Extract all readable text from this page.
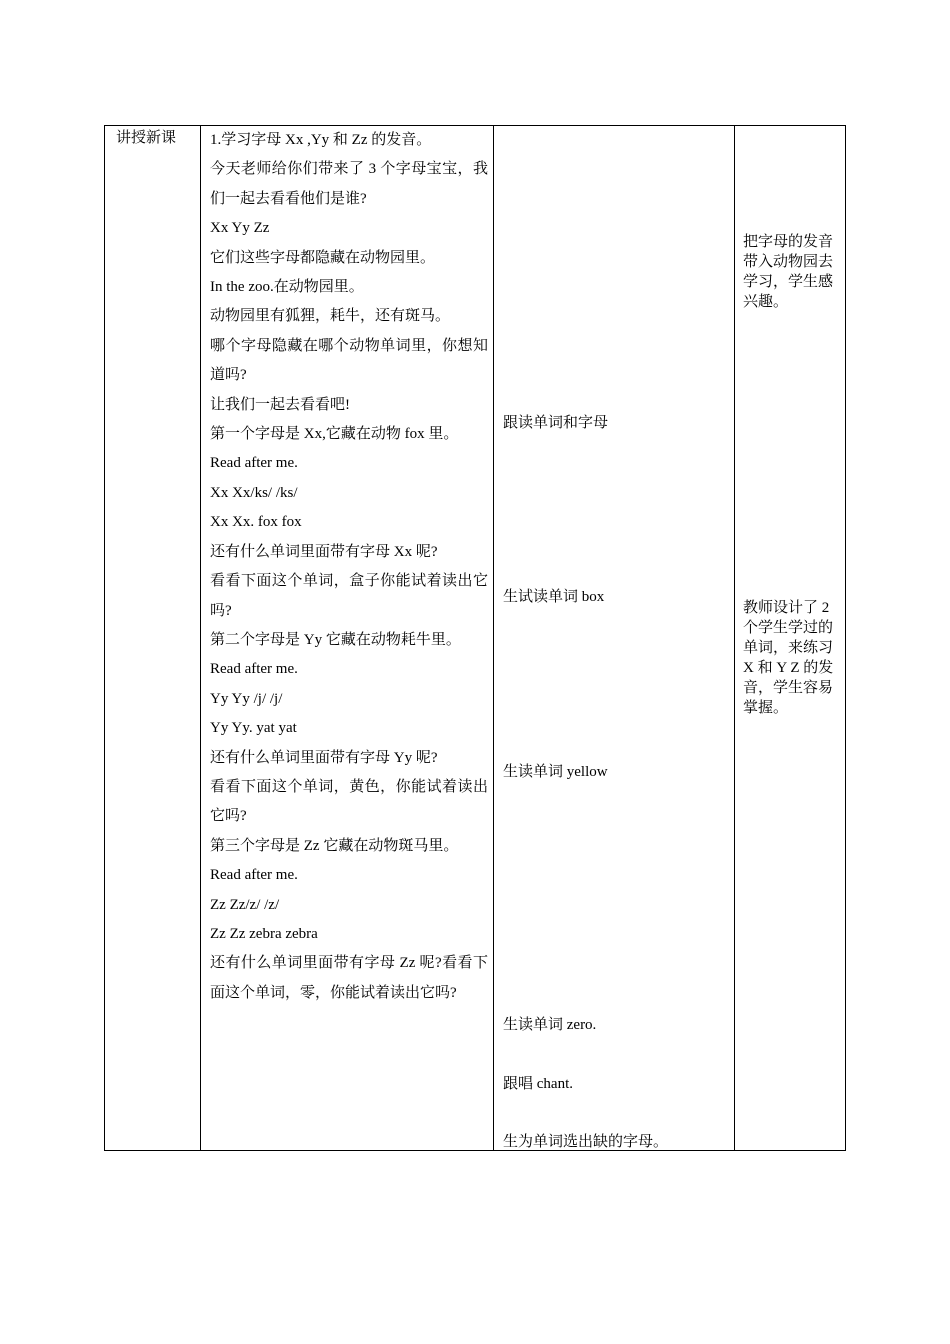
讲授新课 1.学习字母 Xx ,Yy 和 Zz 的发音。

今天老师给你们带来了 3 个字母宝宝，我们一起去看看他们是谁?

Xx Yy Zz

它们这些字母都隐藏在动物园里。

In the zoo.在动物园里。

动物园里有狐狸，耗牛，还有斑马。

哪个字母隐藏在哪个动物单词里，你想知道吗?

让我们一起去看看吧!

第一个字母是 Xx,它藏在动物 fox 里。

Read after me.

Xx Xx/ks/ /ks/

Xx Xx. fox fox

还有什么单词里面带有字母 Xx 呢?

看看下面这个单词，盒子你能试着读出它吗?

第二个字母是 Yy 它藏在动物耗牛里。

Read after me.

Yy Yy /j/ /j/

Yy Yy. yat yat

还有什么单词里面带有字母 Yy 呢?

看看下面这个单词，黄色，你能试着读出它吗?

第三个字母是 Zz 它藏在动物斑马里。

Read after me.

Zz Zz/z/ /z/

Zz Zz zebra zebra

还有什么单词里面带有字母 Zz 呢?看看下面这个单词，零，你能试着读出它吗?

跟读单词和字母
生试读单词 box
生读单词 yellow
生读单词 zero.
跟唱 chant.
生为单词选出缺的字母。
把字母的发音带入动物园去学习，学生感兴趣。
教师设计了 2 个学生学过的单词，来练习 X 和 Y Z 的发音，学生容易掌握。
